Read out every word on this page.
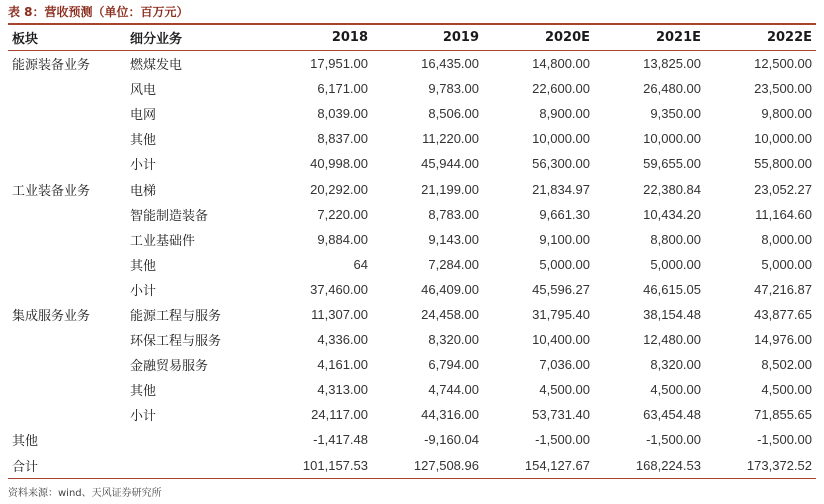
表 8：营收预测（单位：百万元）
板块	细分业务	2018	2019	2020E	2021E	2022E
能源装备业务	燃煤发电	17,951.00	16,435.00	14,800.00	13,825.00	12,500.00
	风电	6,171.00	9,783.00	22,600.00	26,480.00	23,500.00
	电网	8,039.00	8,506.00	8,900.00	9,350.00	9,800.00
	其他	8,837.00	11,220.00	10,000.00	10,000.00	10,000.00
	小计	40,998.00	45,944.00	56,300.00	59,655.00	55,800.00
工业装备业务	电梯	20,292.00	21,199.00	21,834.97	22,380.84	23,052.27
	智能制造装备	7,220.00	8,783.00	9,661.30	10,434.20	11,164.60
	工业基础件	9,884.00	9,143.00	9,100.00	8,800.00	8,000.00
	其他	64	7,284.00	5,000.00	5,000.00	5,000.00
	小计	37,460.00	46,409.00	45,596.27	46,615.05	47,216.87
集成服务业务	能源工程与服务	11,307.00	24,458.00	31,795.40	38,154.48	43,877.65
	环保工程与服务	4,336.00	8,320.00	10,400.00	12,480.00	14,976.00
	金融贸易服务	4,161.00	6,794.00	7,036.00	8,320.00	8,502.00
	其他	4,313.00	4,744.00	4,500.00	4,500.00	4,500.00
	小计	24,117.00	44,316.00	53,731.40	63,454.48	71,855.65
其他		-1,417.48	-9,160.04	-1,500.00	-1,500.00	-1,500.00
合计		101,157.53	127,508.96	154,127.67	168,224.53	173,372.52
资料来源：wind、天风证券研究所
